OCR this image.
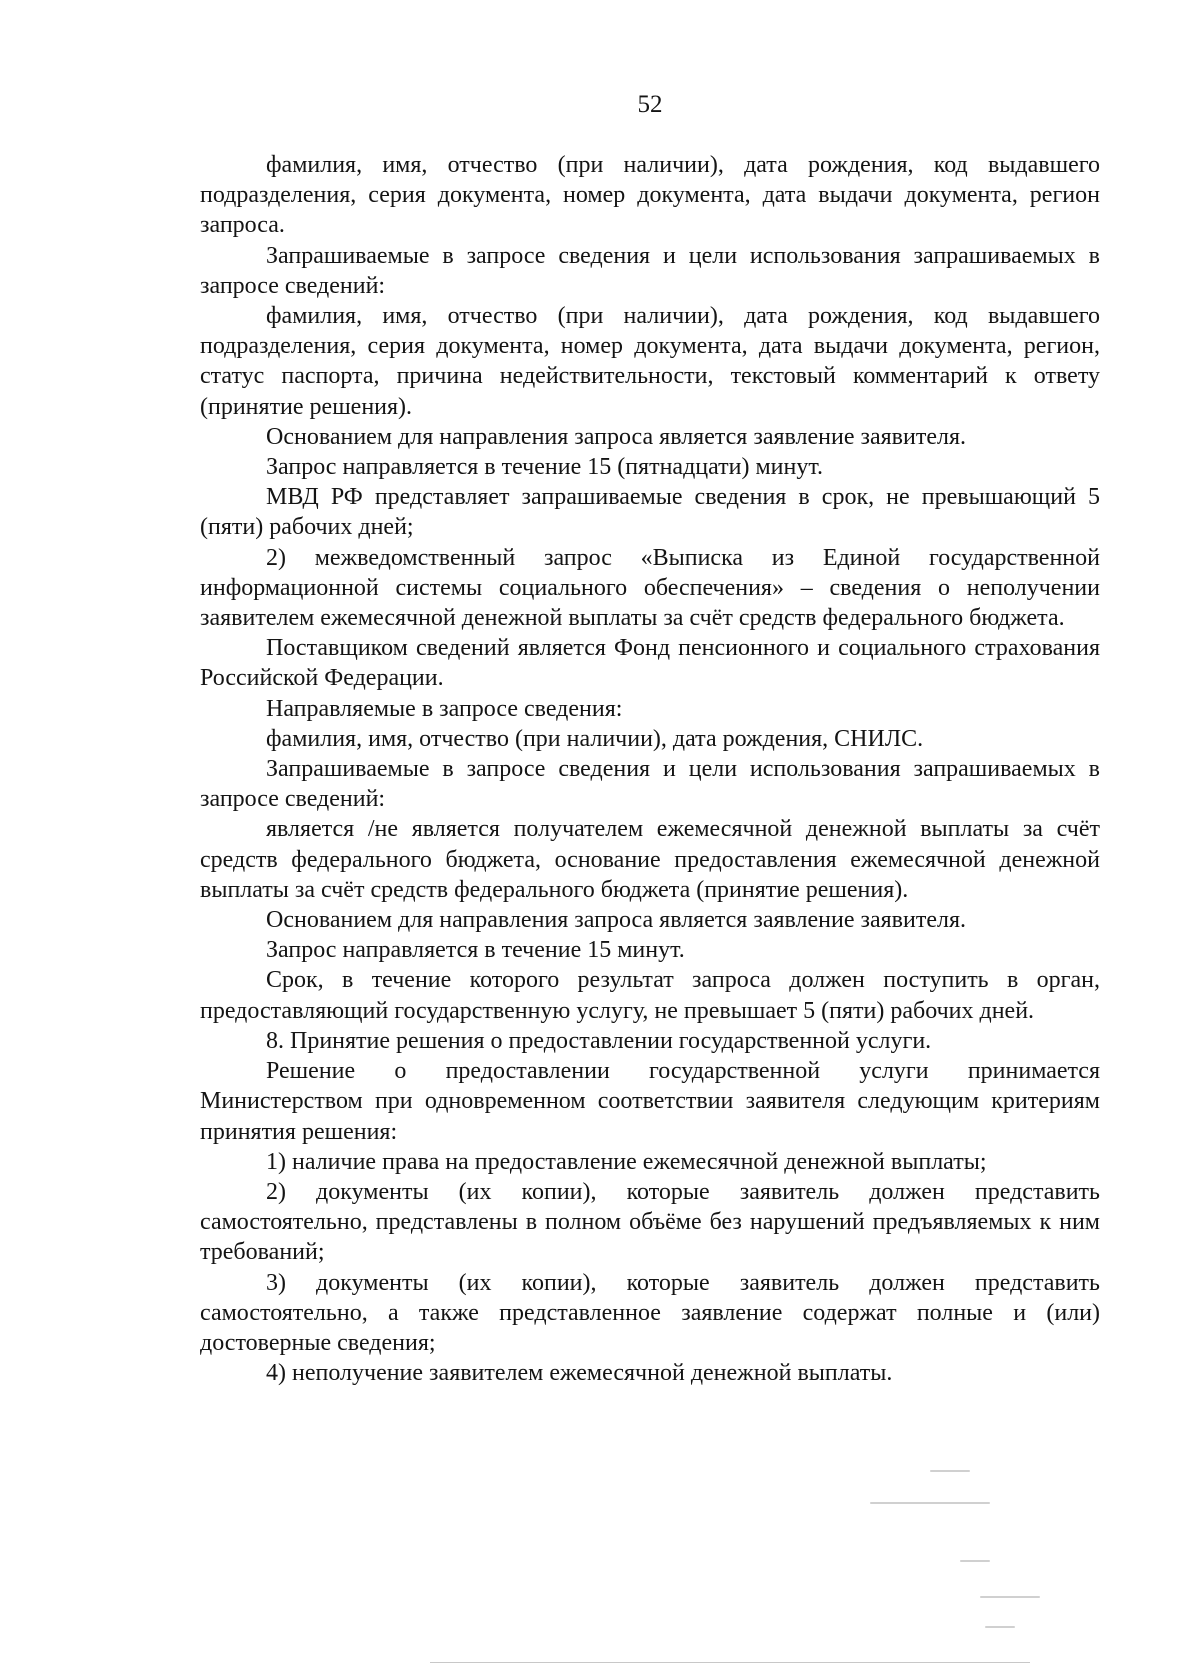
52

фамилия, имя, отчество (при наличии), дата рождения, код выдавшего подразделения, серия документа, номер документа, дата выдачи документа, регион запроса.

Запрашиваемые в запросе сведения и цели использования запрашиваемых в запросе сведений:

фамилия, имя, отчество (при наличии), дата рождения, код выдавшего подразделения, серия документа, номер документа, дата выдачи документа, регион, статус паспорта, причина недействительности, текстовый комментарий к ответу (принятие решения).

Основанием для направления запроса является заявление заявителя.

Запрос направляется в течение 15 (пятнадцати) минут.

МВД РФ представляет запрашиваемые сведения в срок, не превышающий 5 (пяти) рабочих дней;

2) межведомственный запрос «Выписка из Единой государственной информационной системы социального обеспечения» – сведения о неполучении заявителем ежемесячной денежной выплаты за счёт средств федерального бюджета.

Поставщиком сведений является Фонд пенсионного и социального страхования Российской Федерации.

Направляемые в запросе сведения:

фамилия, имя, отчество (при наличии), дата рождения, СНИЛС.

Запрашиваемые в запросе сведения и цели использования запрашиваемых в запросе сведений:

является /не является получателем ежемесячной денежной выплаты за счёт средств федерального бюджета, основание предоставления ежемесячной денежной выплаты за счёт средств федерального бюджета (принятие решения).

Основанием для направления запроса является заявление заявителя.

Запрос направляется в течение 15 минут.

Срок, в течение которого результат запроса должен поступить в орган, предоставляющий государственную услугу, не превышает 5 (пяти) рабочих дней.

8. Принятие решения о предоставлении государственной услуги.

Решение о предоставлении государственной услуги принимается Министерством при одновременном соответствии заявителя следующим критериям принятия решения:

1) наличие права на предоставление ежемесячной денежной выплаты;

2) документы (их копии), которые заявитель должен представить самостоятельно, представлены в полном объёме без нарушений предъявляемых к ним требований;

3) документы (их копии), которые заявитель должен представить самостоятельно, а также представленное заявление содержат полные и (или) достоверные сведения;

4) неполучение заявителем ежемесячной денежной выплаты.
